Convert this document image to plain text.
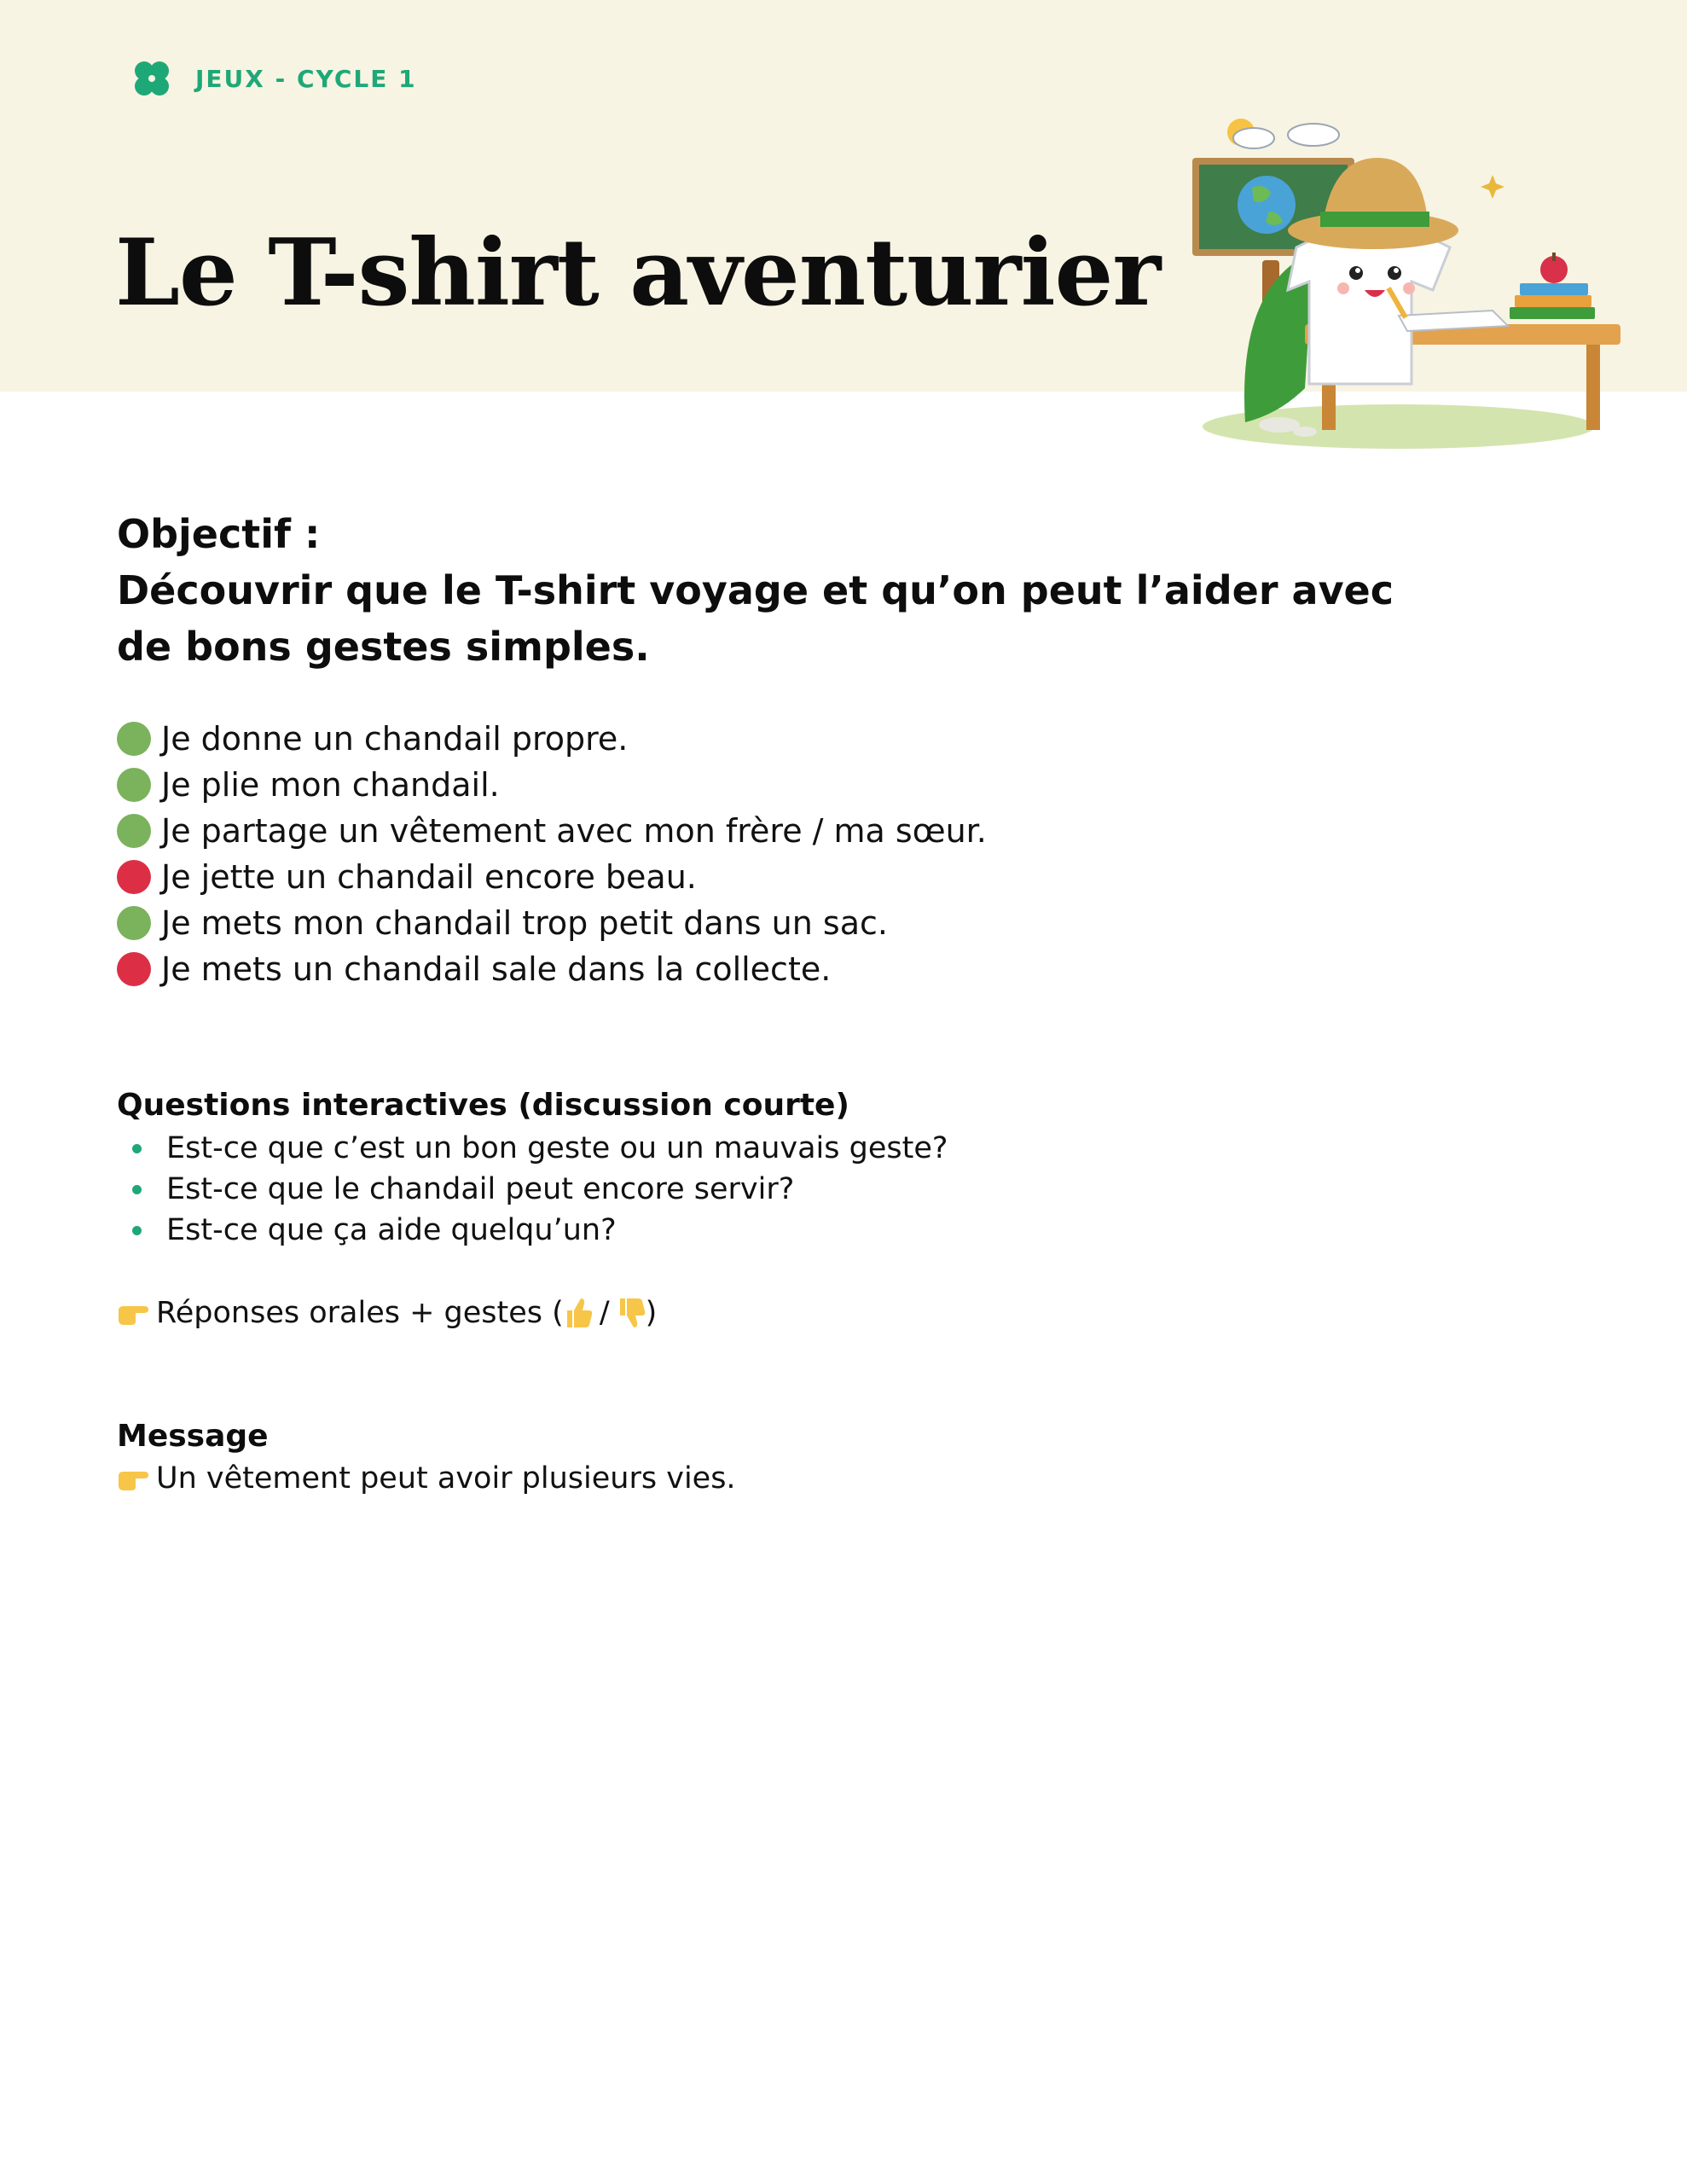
JEUX - CYCLE 1
Le T-shirt aventurier
Objectif :
Découvrir que le T-shirt voyage et qu’on peut l’aider avec
de bons gestes simples.
Je donne un chandail propre.
Je plie mon chandail.
Je partage un vêtement avec mon frère / ma sœur.
Je jette un chandail encore beau.
Je mets mon chandail trop petit dans un sac.
Je mets un chandail sale dans la collecte.
Questions interactives (discussion courte)
Est-ce que c’est un bon geste ou un mauvais geste?
Est-ce que le chandail peut encore servir?
Est-ce que ça aide quelqu’un?
Réponses orales + gestes ( / )
Message
Un vêtement peut avoir plusieurs vies.
